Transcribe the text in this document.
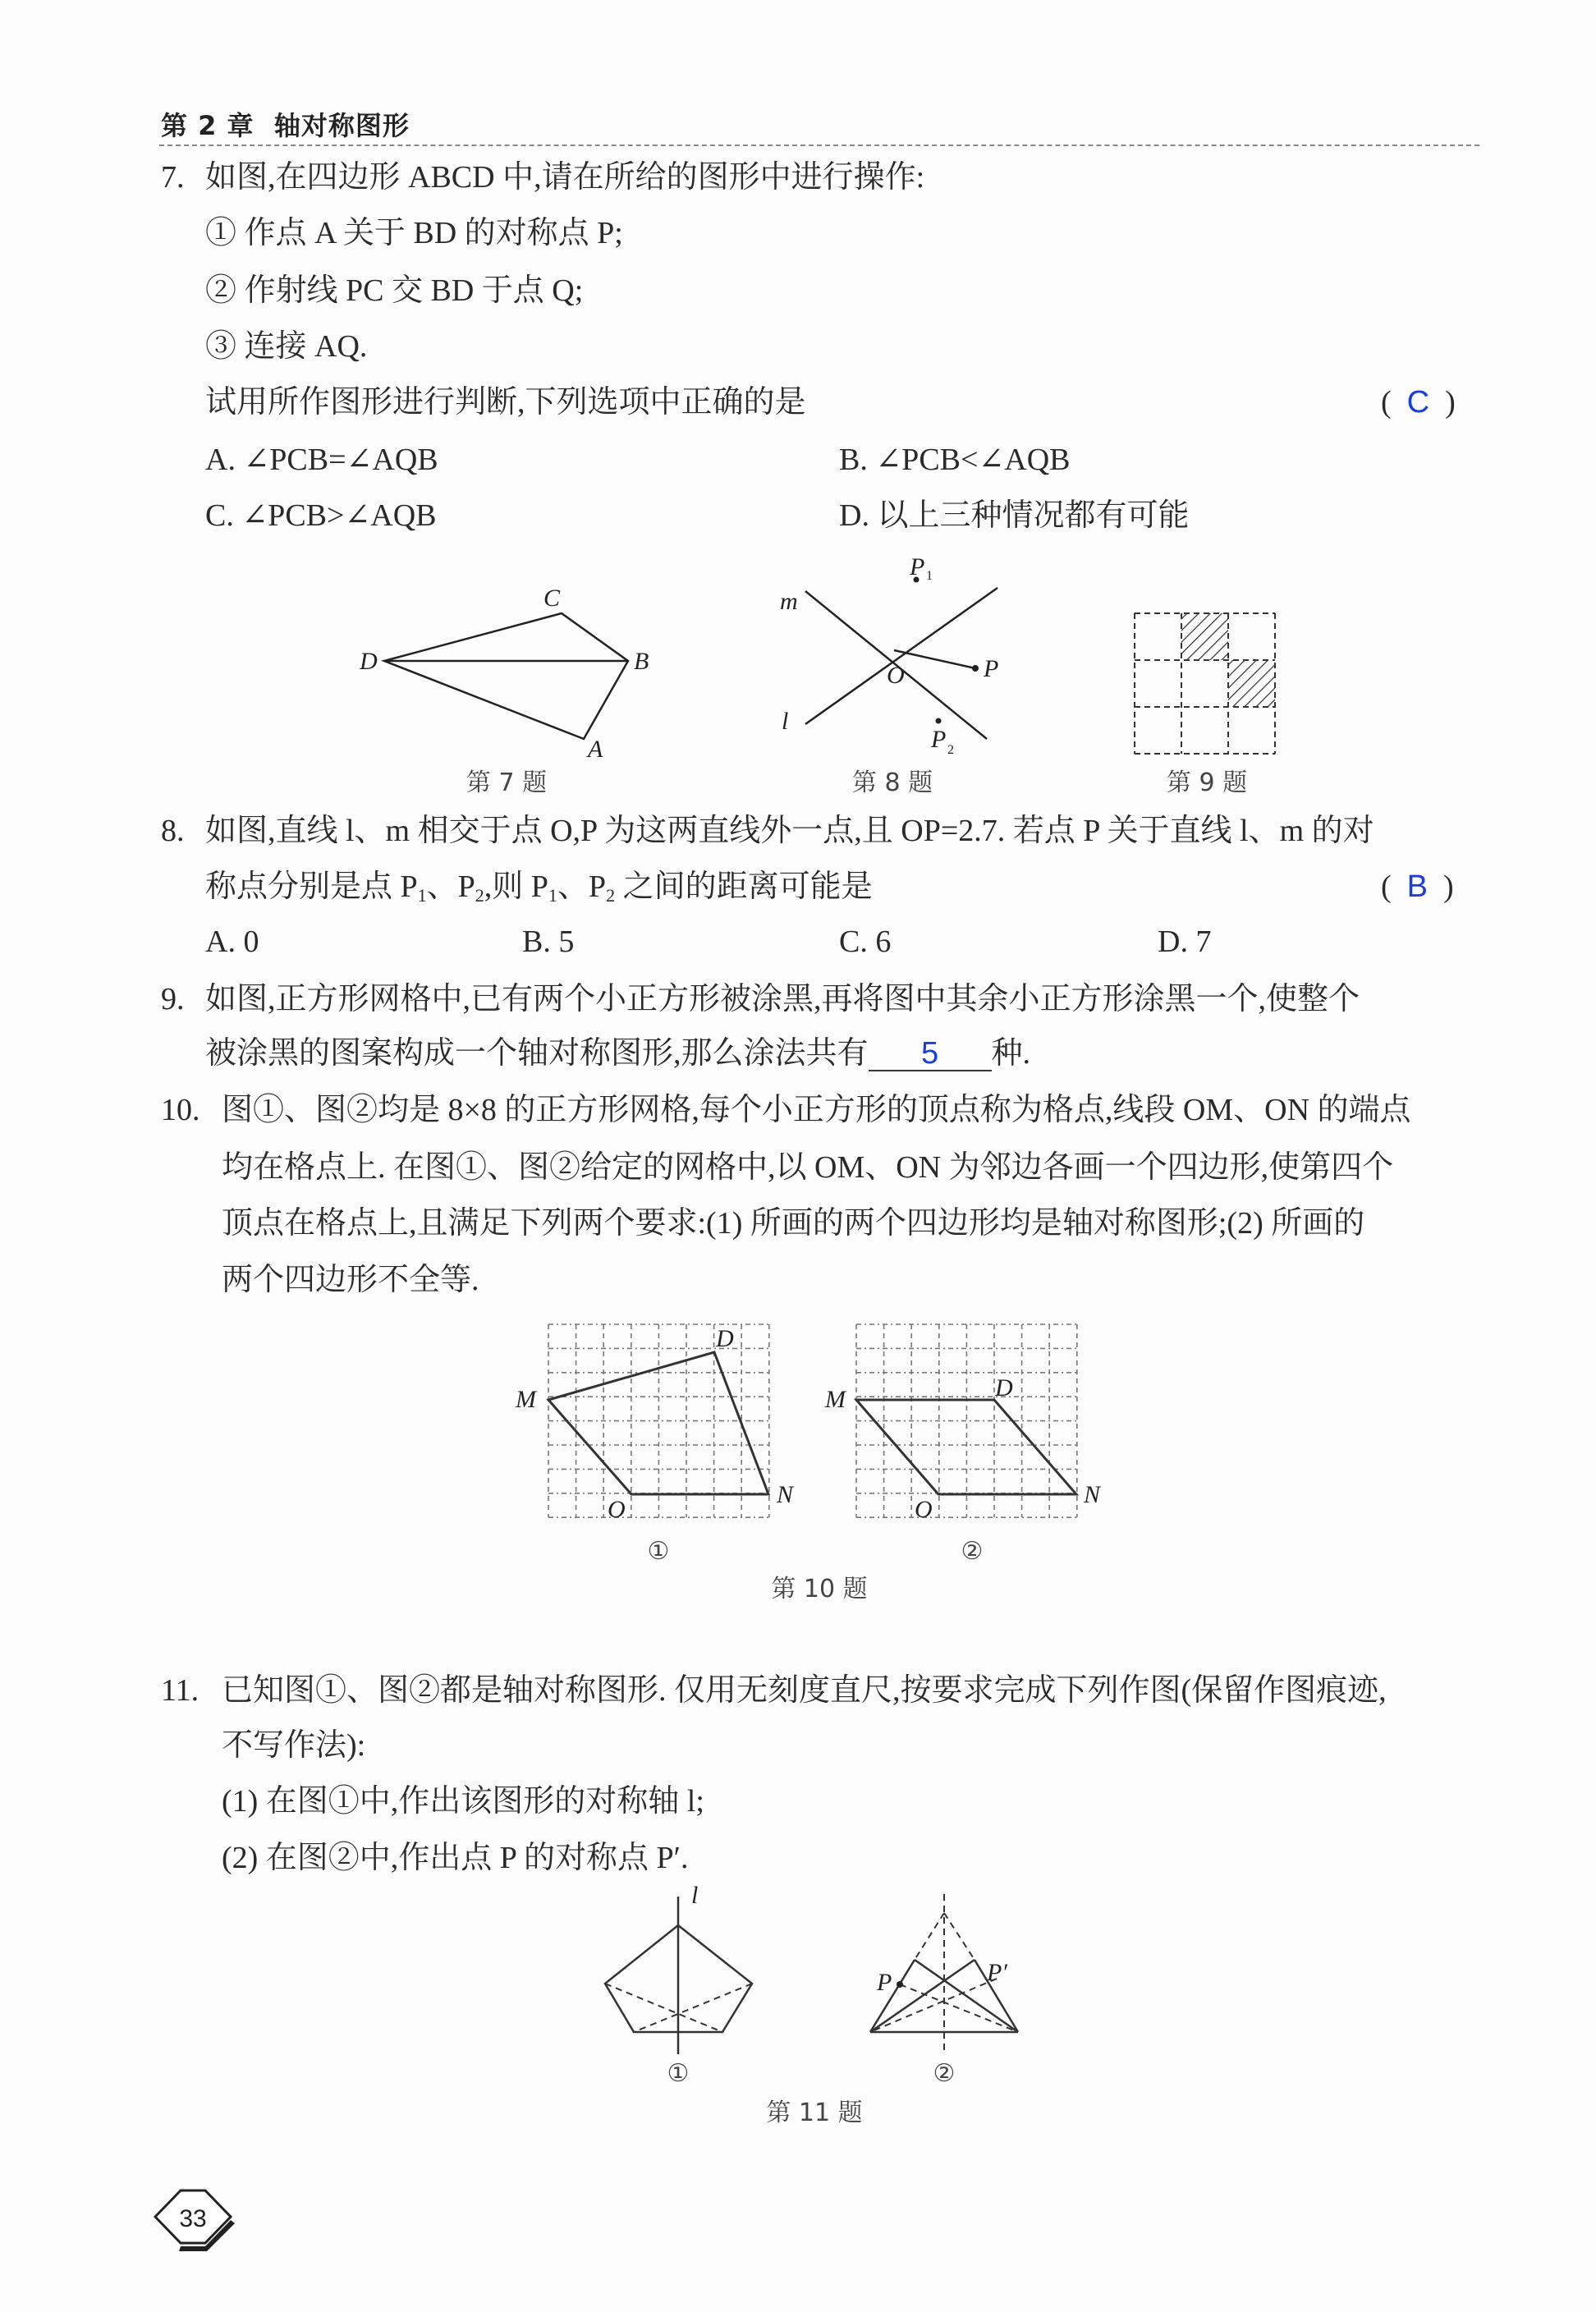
第 2 章 轴对称图形
7. 如图,在四边形 ABCD 中,请在所给的图形中进行操作:
① 作点 A 关于 BD 的对称点 P;
② 作射线 PC 交 BD 于点 Q;
③ 连接 AQ.
试用所作图形进行判断,下列选项中正确的是	(  C  )
A. ∠PCB=∠AQB	B. ∠PCB<∠AQB
C. ∠PCB>∠AQB	D. 以上三种情况都有可能
8. 如图,直线 l、m 相交于点 O,P 为这两直线外一点,且 OP=2.7. 若点 P 关于直线 l、m 的对
称点分别是点 $P_1$、$P_2$,则 $P_1$、$P_2$ 之间的距离可能是	(  B  )
A. 0	B. 5	C. 6	D. 7
9. 如图,正方形网格中,已有两个小正方形被涂黑,再将图中其余小正方形涂黑一个,使整个
被涂黑的图案构成一个轴对称图形,那么涂法共有 5 种.
10. 图①、图②均是 8×8 的正方形网格,每个小正方形的顶点称为格点,线段 OM、ON 的端点
均在格点上. 在图①、图②给定的网格中,以 OM、ON 为邻边各画一个四边形,使第四个
顶点在格点上,且满足下列两个要求:(1) 所画的两个四边形均是轴对称图形;(2) 所画的
两个四边形不全等.
11. 已知图①、图②都是轴对称图形. 仅用无刻度直尺,按要求完成下列作图(保留作图痕迹,
不写作法):
(1) 在图①中,作出该图形的对称轴 l;
(2) 在图②中,作出点 P 的对称点 P′.
第 7 题	第 8 题	第 9 题
①	②
第 10 题
①	②
第 11 题
C
D	B
A
m
l
O	P
P 1
P 2
M
D
N
O
M	D
N
O
l
P	P′
33
